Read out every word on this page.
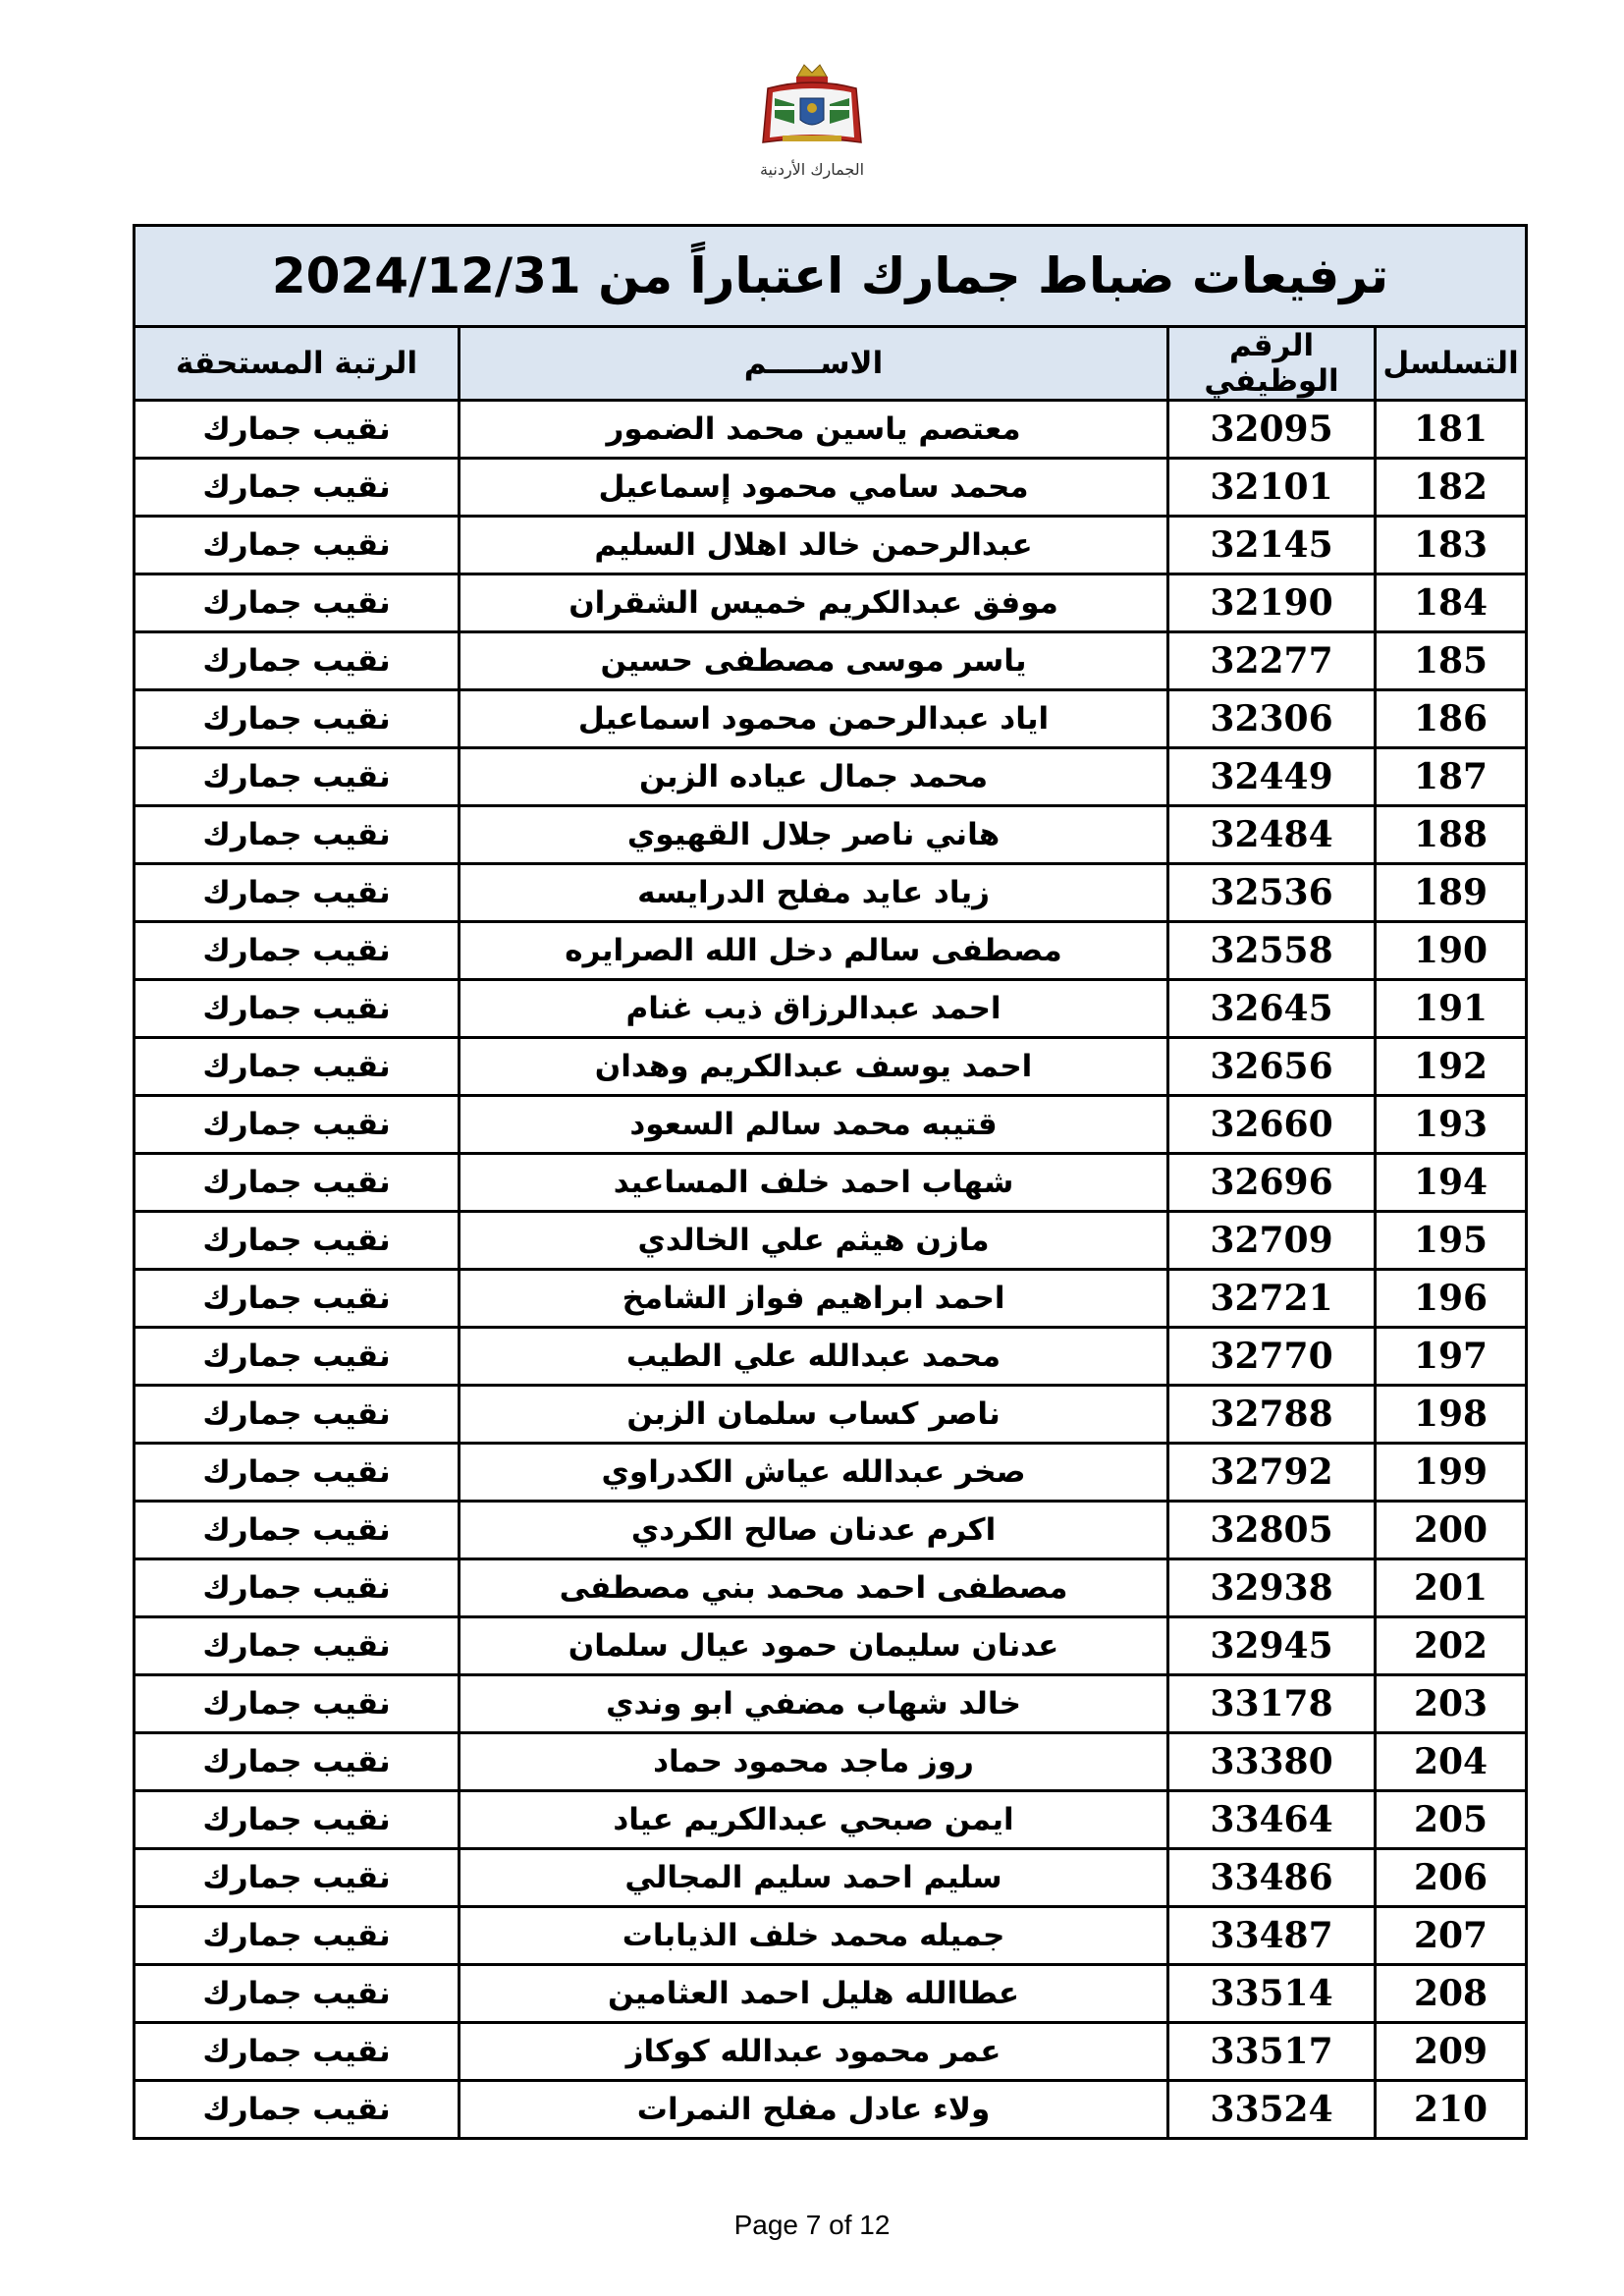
الجمارك الأردنية
ترفيعات ضباط جمارك اعتباراً من 2024/12/31			
التسلسل	الرقم الوظيفي	الاســـــم	الرتبة المستحقة
181	32095	معتصم ياسين محمد الضمور	نقيب جمارك
182	32101	محمد سامي محمود إسماعيل	نقيب جمارك
183	32145	عبدالرحمن خالد اهلال السليم	نقيب جمارك
184	32190	موفق عبدالكريم خميس الشقران	نقيب جمارك
185	32277	ياسر موسى مصطفى حسين	نقيب جمارك
186	32306	اياد عبدالرحمن محمود اسماعيل	نقيب جمارك
187	32449	محمد جمال عياده الزبن	نقيب جمارك
188	32484	هاني ناصر جلال القهيوي	نقيب جمارك
189	32536	زياد عايد مفلح الدرايسه	نقيب جمارك
190	32558	مصطفى سالم دخل الله الصرايره	نقيب جمارك
191	32645	احمد عبدالرزاق ذيب غنام	نقيب جمارك
192	32656	احمد يوسف عبدالكريم وهدان	نقيب جمارك
193	32660	قتيبه محمد سالم السعود	نقيب جمارك
194	32696	شهاب احمد خلف المساعيد	نقيب جمارك
195	32709	مازن هيثم علي الخالدي	نقيب جمارك
196	32721	احمد ابراهيم فواز الشامخ	نقيب جمارك
197	32770	محمد عبدالله علي الطيب	نقيب جمارك
198	32788	ناصر كساب سلمان الزبن	نقيب جمارك
199	32792	صخر عبدالله عياش الكدراوي	نقيب جمارك
200	32805	اكرم عدنان صالح الكردي	نقيب جمارك
201	32938	مصطفى احمد محمد بني مصطفى	نقيب جمارك
202	32945	عدنان سليمان حمود عيال سلمان	نقيب جمارك
203	33178	خالد شهاب مضفي ابو وندي	نقيب جمارك
204	33380	روز ماجد محمود حماد	نقيب جمارك
205	33464	ايمن صبحي عبدالكريم عياد	نقيب جمارك
206	33486	سليم احمد سليم المجالي	نقيب جمارك
207	33487	جميله محمد خلف الذيابات	نقيب جمارك
208	33514	عطاالله هليل احمد العثامين	نقيب جمارك
209	33517	عمر محمود عبدالله كوكاز	نقيب جمارك
210	33524	ولاء عادل مفلح النمرات	نقيب جمارك
Page 7 of 12
